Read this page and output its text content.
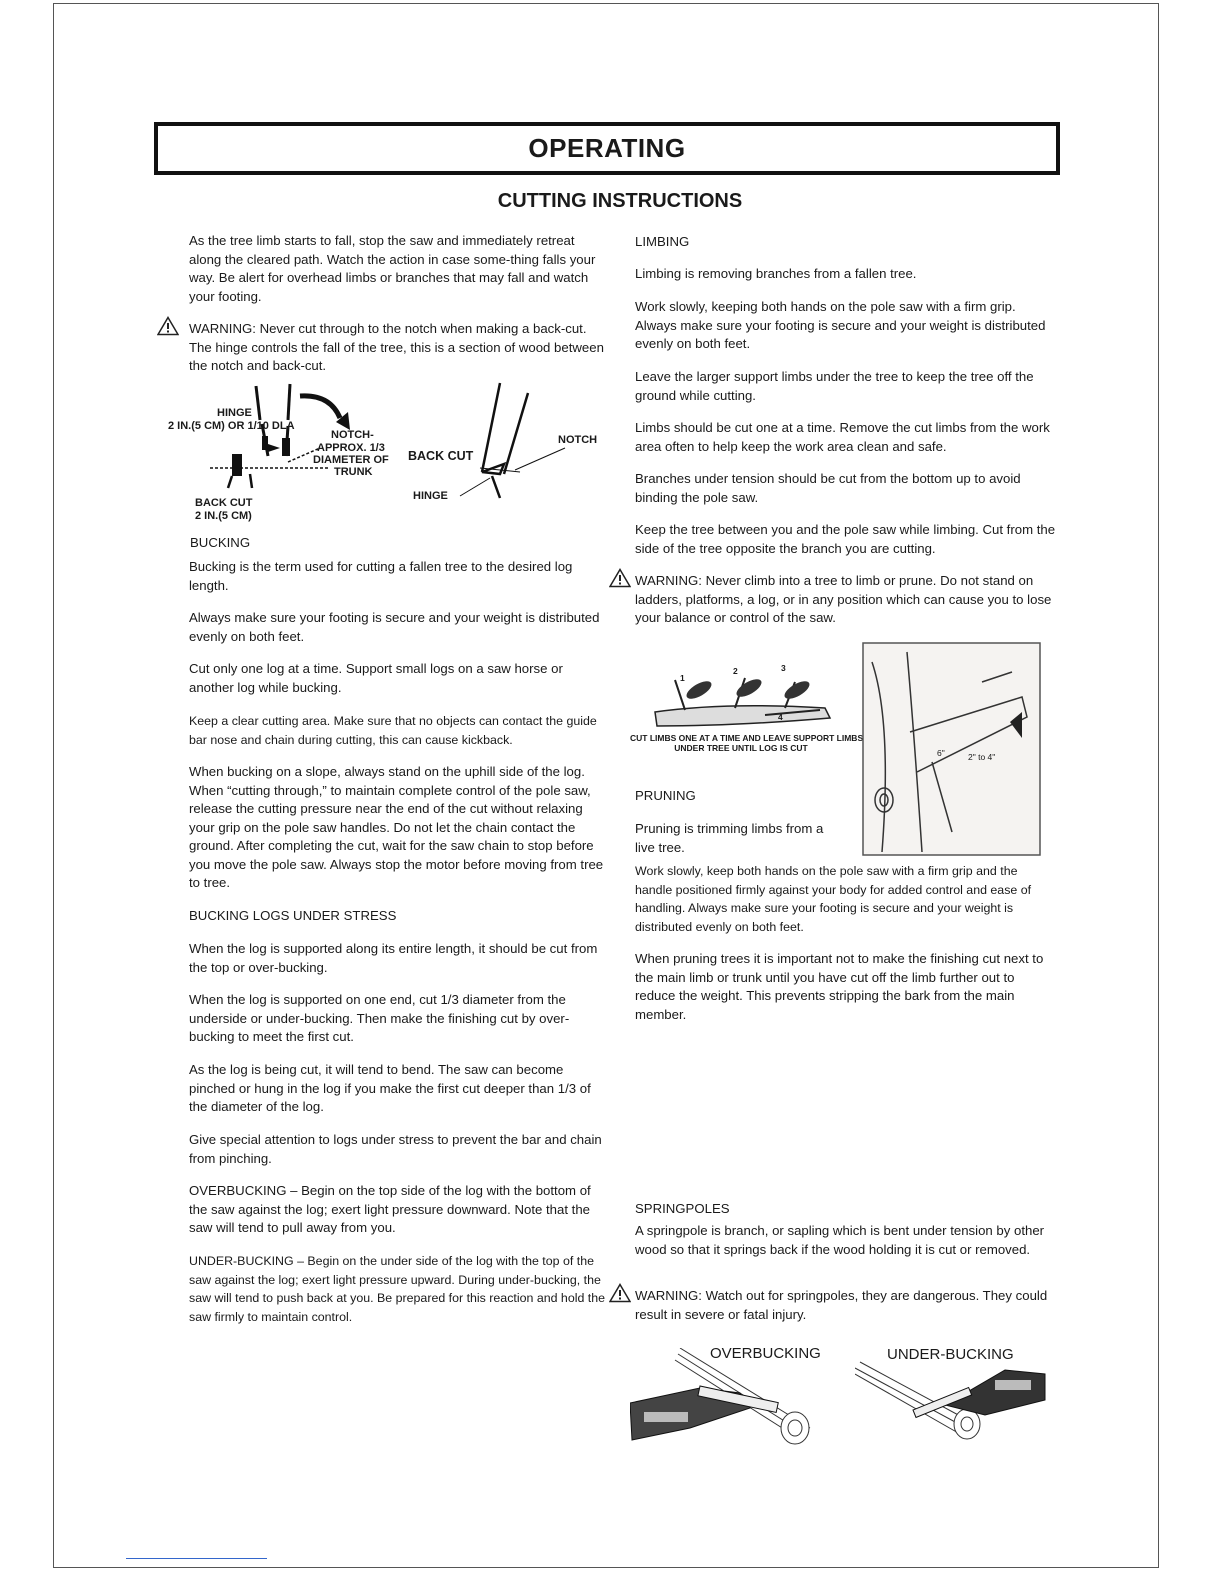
OPERATING
CUTTING INSTRUCTIONS

As the tree limb starts to fall, stop the saw and immediately retreat along the cleared path. Watch the action in case some-thing falls your way. Be alert for overhead limbs or branches that may fall and watch your footing.

WARNING: Never cut through to the notch when making a back-cut. The hinge controls the fall of the tree, this is a section of wood between the notch and back-cut.

HINGE
2 IN.(5 CM) OR 1/10 DLA
NOTCH-
APPROX. 1/3
DIAMETER OF
TRUNK
BACK CUT
2 IN.(5 CM)
BACK CUT
NOTCH
HINGE

BUCKING

Bucking is the term used for cutting a fallen tree to the desired log length.

Always make sure your footing is secure and your weight is distributed evenly on both feet.

Cut only one log at a time. Support small logs on a saw horse or another log while bucking.

Keep a clear cutting area. Make sure that no objects can contact the guide bar nose and chain during cutting, this can cause kickback.

When bucking on a slope, always stand on the uphill side of the log. When “cutting through,” to maintain complete control of the pole saw, release the cutting pressure near the end of the cut without relaxing your grip on the pole saw handles. Do not let the chain contact the ground. After completing the cut, wait for the saw chain to stop before you move the pole saw. Always stop the motor before moving from tree to tree.

BUCKING LOGS UNDER STRESS

When the log is supported along its entire length, it should be cut from the top or over-bucking.

When the log is supported on one end, cut 1/3 diameter from the underside or under-bucking. Then make the finishing cut by over-bucking to meet the first cut.

As the log is being cut, it will tend to bend. The saw can become pinched or hung in the log if you make the first cut deeper than 1/3 of the diameter of the log.

Give special attention to logs under stress to prevent the bar and chain from pinching.

OVERBUCKING – Begin on the top side of the log with the bottom of the saw against the log; exert light pressure downward. Note that the saw will tend to pull away from you.

UNDER-BUCKING – Begin on the under side of the log with the top of the saw against the log; exert light pressure upward. During under-bucking, the saw will tend to push back at you. Be prepared for this reaction and hold the saw firmly to maintain control.

LIMBING

Limbing is removing branches from a fallen tree.

Work slowly, keeping both hands on the pole saw with a firm grip. Always make sure your footing is secure and your weight is distributed evenly on both feet.

Leave the larger support limbs under the tree to keep the tree off the ground while cutting.

Limbs should be cut one at a time. Remove the cut limbs from the work area often to help keep the work area clean and safe.

Branches under tension should be cut from the bottom up to avoid binding the pole saw.

Keep the tree between you and the pole saw while limbing. Cut from the side of the tree opposite the branch you are cutting.

WARNING: Never climb into a tree to limb or prune. Do not stand on ladders, platforms, a log, or in any position which can cause you to lose your balance or control of the saw.

1
2	3
4
CUT LIMBS ONE AT A TIME AND LEAVE SUPPORT LIMBS
UNDER TREE UNTIL LOG IS CUT	6"	2" to 4"

PRUNING

Pruning is trimming limbs from a live tree.

Work slowly, keep both hands on the pole saw with a firm grip and the handle positioned firmly against your body for added control and ease of handling. Always make sure your footing is secure and your weight is distributed evenly on both feet.

When pruning trees it is important not to make the finishing cut next to the main limb or trunk until you have cut off the limb further out to reduce the weight. This prevents stripping the bark from the main member.

SPRINGPOLES

A springpole is branch, or sapling which is bent under tension by other wood so that it springs back if the wood holding it is cut or removed.

WARNING: Watch out for springpoles, they are dangerous. They could result in severe or fatal injury.

OVERBUCKING	UNDER-BUCKING
